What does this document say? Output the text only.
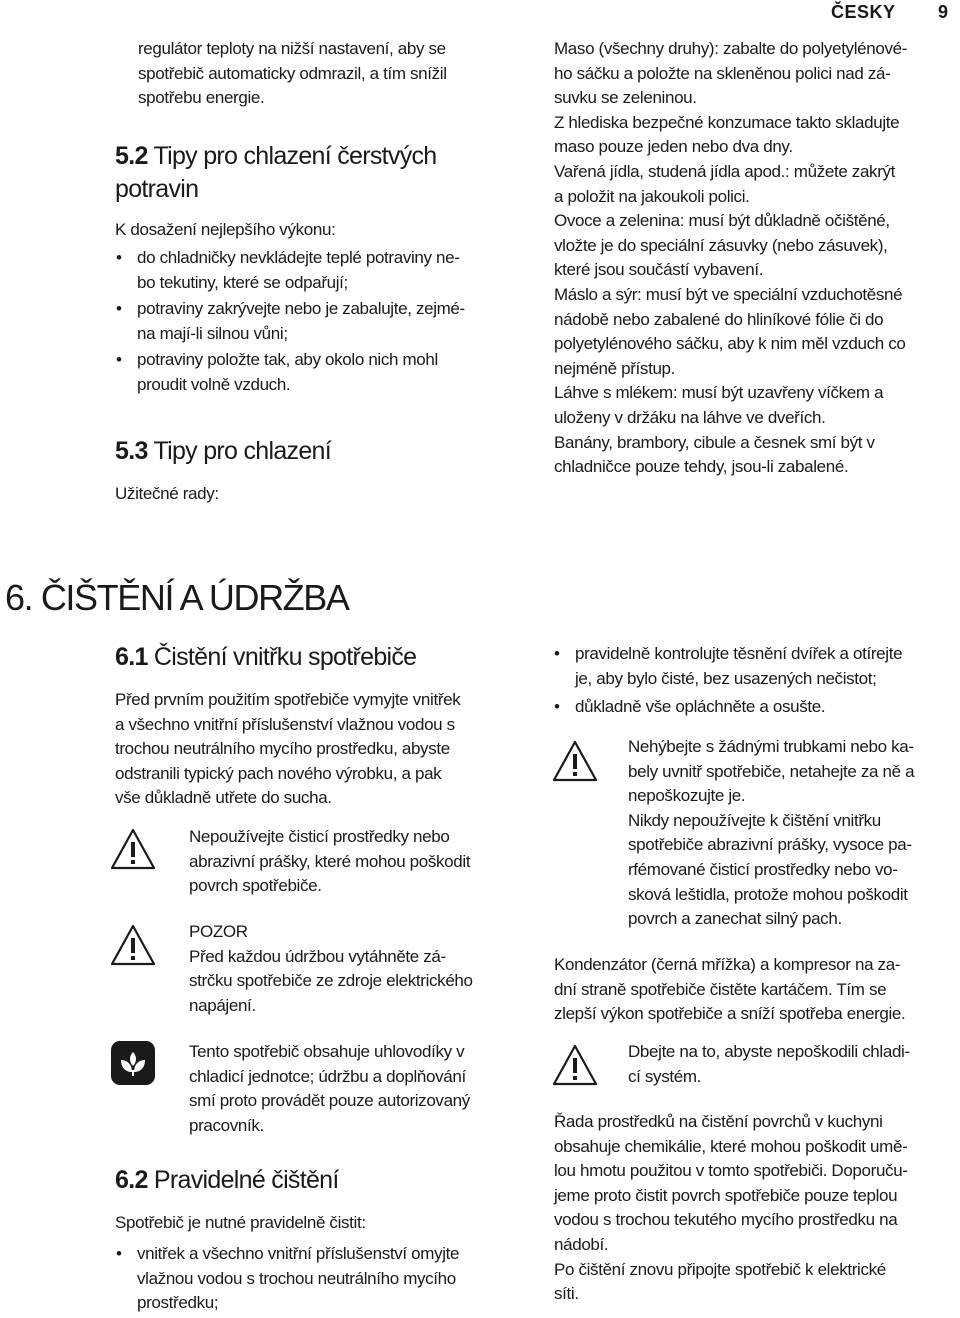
ČESKY 9
regulátor teploty na nižší nastavení, aby se
spotřebič automaticky odmrazil, a tím snížil
spotřebu energie.
5.2 Tipy pro chlazení čerstvých
potravin
K dosažení nejlepšího výkonu:
• do chladničky nevkládejte teplé potraviny ne-
bo tekutiny, které se odpařují;
• potraviny zakrývejte nebo je zabalujte, zejmé-
na mají-li silnou vůni;
• potraviny položte tak, aby okolo nich mohl
proudit volně vzduch.
5.3 Tipy pro chlazení
Užitečné rady:
Maso (všechny druhy): zabalte do polyetylénové-
ho sáčku a položte na skleněnou polici nad zá-
suvku se zeleninou.
Z hlediska bezpečné konzumace takto skladujte
maso pouze jeden nebo dva dny.
Vařená jídla, studená jídla apod.: můžete zakrýt
a položit na jakoukoli polici.
Ovoce a zelenina: musí být důkladně očištěné,
vložte je do speciální zásuvky (nebo zásuvek),
které jsou součástí vybavení.
Máslo a sýr: musí být ve speciální vzduchotěsné
nádobě nebo zabalené do hliníkové fólie či do
polyetylénového sáčku, aby k nim měl vzduch co
nejméně přístup.
Láhve s mlékem: musí být uzavřeny víčkem a
uloženy v držáku na láhve ve dveřích.
Banány, brambory, cibule a česnek smí být v
chladničce pouze tehdy, jsou-li zabalené.
6. ČIŠTĚNÍ A ÚDRŽBA
6.1 Čistění vnitřku spotřebiče
Před prvním použitím spotřebiče vymyjte vnitřek
a všechno vnitřní příslušenství vlažnou vodou s
trochou neutrálního mycího prostředku, abyste
odstranili typický pach nového výrobku, a pak
vše důkladně utřete do sucha.
Nepoužívejte čisticí prostředky nebo
abrazivní prášky, které mohou poškodit
povrch spotřebiče.
POZOR
Před každou údržbou vytáhněte zá-
strčku spotřebiče ze zdroje elektrického
napájení.
Tento spotřebič obsahuje uhlovodíky v
chladicí jednotce; údržbu a doplňování
smí proto provádět pouze autorizovaný
pracovník.
6.2 Pravidelné čištění
Spotřebič je nutné pravidelně čistit:
• vnitřek a všechno vnitřní příslušenství omyjte
vlažnou vodou s trochou neutrálního mycího
prostředku;
• pravidelně kontrolujte těsnění dvířek a otírejte
je, aby bylo čisté, bez usazených nečistot;
• důkladně vše opláchněte a osušte.
Nehýbejte s žádnými trubkami nebo ka-
bely uvnitř spotřebiče, netahejte za ně a
nepoškozujte je.
Nikdy nepoužívejte k čištění vnitřku
spotřebiče abrazivní prášky, vysoce pa-
rfémované čisticí prostředky nebo vo-
sková leštidla, protože mohou poškodit
povrch a zanechat silný pach.
Kondenzátor (černá mřížka) a kompresor na za-
dní straně spotřebiče čistěte kartáčem. Tím se
zlepší výkon spotřebiče a sníží spotřeba energie.
Dbejte na to, abyste nepoškodili chladi-
cí systém.
Řada prostředků na čistění povrchů v kuchyni
obsahuje chemikálie, které mohou poškodit umě-
lou hmotu použitou v tomto spotřebiči. Doporuču-
jeme proto čistit povrch spotřebiče pouze teplou
vodou s trochou tekutého mycího prostředku na
nádobí.
Po čištění znovu připojte spotřebič k elektrické
síti.
